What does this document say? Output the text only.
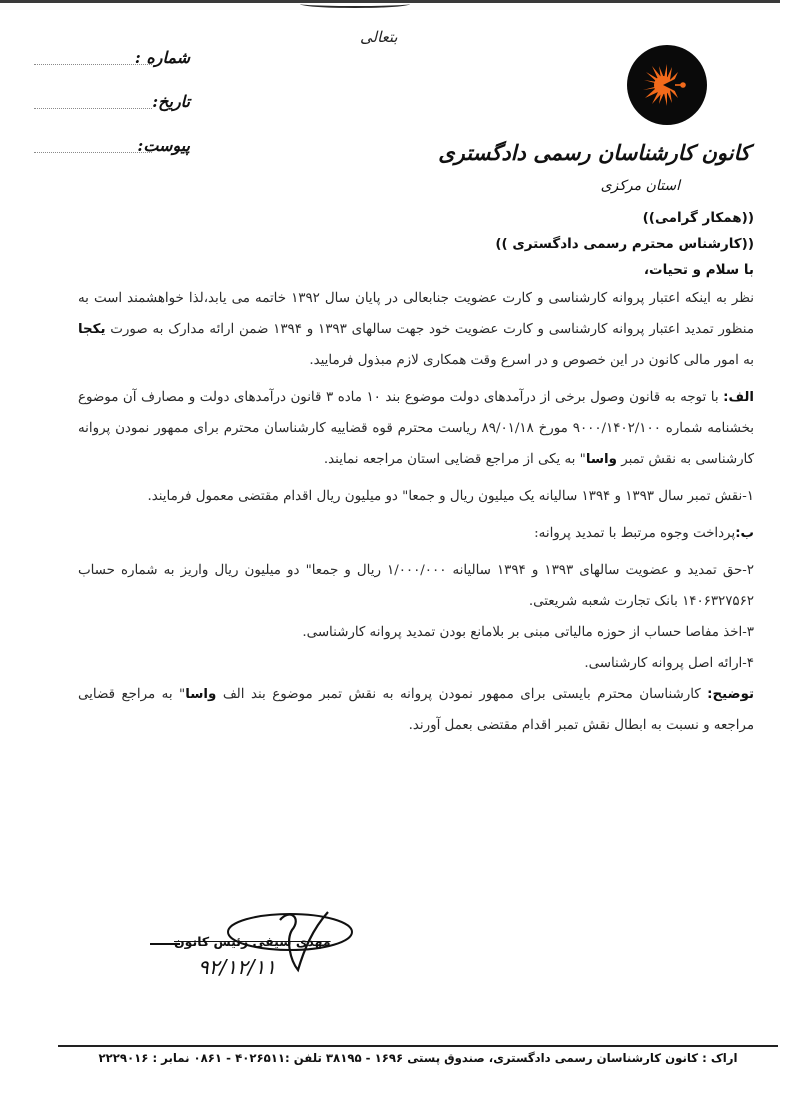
بتعالی
شماره :
تاریخ:
پیوست:	کانون کارشناسان رسمی دادگستری
استان مرکزی
((همکار گرامی))
((کارشناس محترم رسمی دادگستری ))
با سلام و تحیات،

نظر به اینکه اعتبار پروانه کارشناسی و کارت عضویت جنابعالی در پایان سال ۱۳۹۲ خاتمه می یابد،لذا خواهشمند است به منظور تمدید اعتبار پروانه کارشناسی و کارت عضویت خود جهت سالهای ۱۳۹۳ و ۱۳۹۴ ضمن ارائه مدارک به صورت یکجا به امور مالی کانون در این خصوص و در اسرع وقت همکاری لازم مبذول فرمایید.

الف: با توجه به قانون وصول برخی از درآمدهای دولت موضوع بند ۱۰ ماده ۳ قانون درآمدهای دولت و مصارف آن موضوع بخشنامه شماره ۹۰۰۰/۱۴۰۲/۱۰۰ مورخ ۸۹/۰۱/۱۸ ریاست محترم قوه قضاییه کارشناسان محترم برای ممهور نمودن پروانه کارشناسی به نقش تمبر واسا" به یکی از مراجع قضایی استان مراجعه نمایند.

۱-نقش تمبر سال ۱۳۹۳ و ۱۳۹۴ سالیانه یک میلیون ریال و جمعا" دو میلیون ریال اقدام مقتضی معمول فرمایند.

ب:پرداخت وجوه مرتبط با تمدید پروانه:

۲-حق تمدید و عضویت سالهای ۱۳۹۳ و ۱۳۹۴ سالیانه ۱/۰۰۰/۰۰۰ ریال و جمعا" دو میلیون ریال واریز به شماره حساب ۱۴۰۶۳۲۷۵۶۲ بانک تجارت شعبه شریعتی.

۳-اخذ مفاصا حساب از حوزه مالیاتی مبنی بر بلامانع بودن تمدید پروانه کارشناسی.

۴-ارائه اصل پروانه کارشناسی.

توضیح: کارشناسان محترم بایستی برای ممهور نمودن پروانه به نقش تمبر موضوع بند الف واسا" به مراجع قضایی مراجعه و نسبت به ابطال نقش تمبر اقدام مقتضی بعمل آورند.

مهدی سیفی رئیس کانون
۹۲/۱۲/۱۱
اراک : کانون کارشناسان رسمی دادگستری، صندوق پستی ۱۶۹۶ - ۳۸۱۹۵ تلفن :۴۰۲۶۵۱۱ - ۰۸۶۱ نمابر : ۲۲۲۹۰۱۶
